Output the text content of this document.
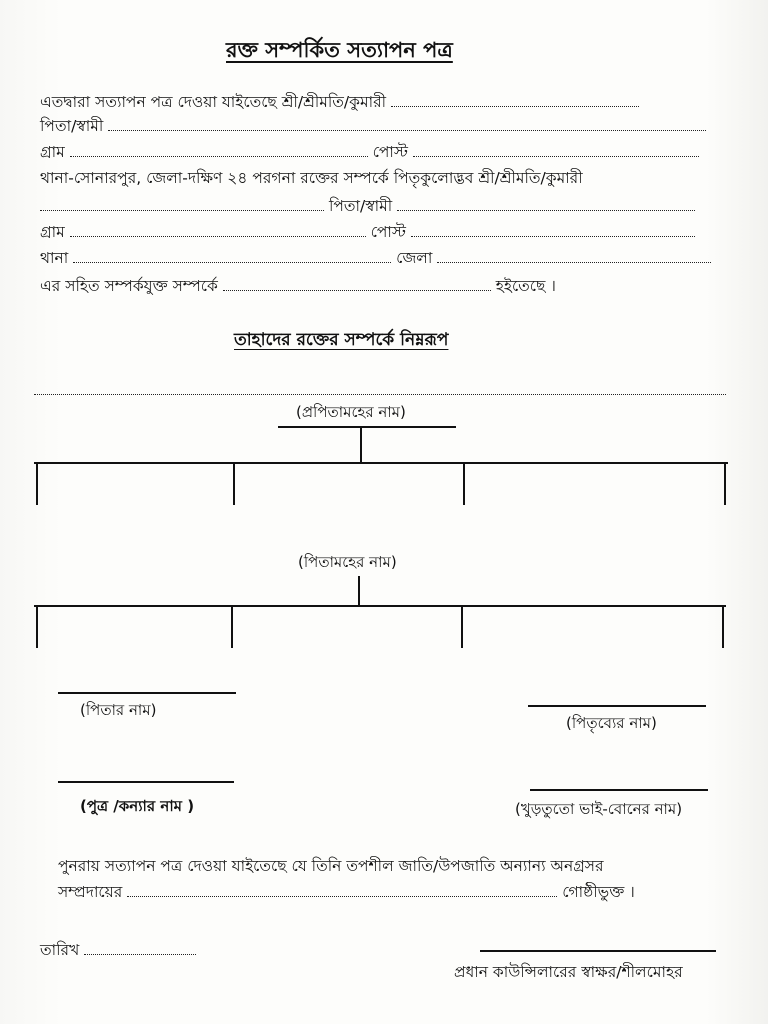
রক্ত সম্পর্কিত সত্যাপন পত্র
এতদ্বারা সত্যাপন পত্র দেওয়া যাইতেছে শ্রী/শ্রীমতি/কুমারী
পিতা/স্বামী
গ্রাম	পোস্ট
থানা-সোনারপুর, জেলা-দক্ষিণ ২৪ পরগনা রক্তের সম্পর্কে পিতৃকুলোদ্ভব শ্রী/শ্রীমতি/কুমারী
পিতা/স্বামী
গ্রাম	পোস্ট
থানা	জেলা
এর সহিত সম্পর্কযুক্ত সম্পর্কে	হইতেছে ।
তাহাদের রক্তের সম্পর্কে নিম্নরূপ
(প্রপিতামহের নাম)
(পিতামহের নাম)
(পিতার নাম)
(পিতৃব্যের নাম)
(পুত্র /কন্যার নাম )	(খুড়তুতো ভাই-বোনের নাম)
পুনরায় সত্যাপন পত্র দেওয়া যাইতেছে যে তিনি তপশীল জাতি/উপজাতি অন্যান্য অনগ্রসর
সম্প্রদায়ের	গোষ্ঠীভুক্ত ।
তারিখ
প্রধান কাউন্সিলারের স্বাক্ষর/শীলমোহর
